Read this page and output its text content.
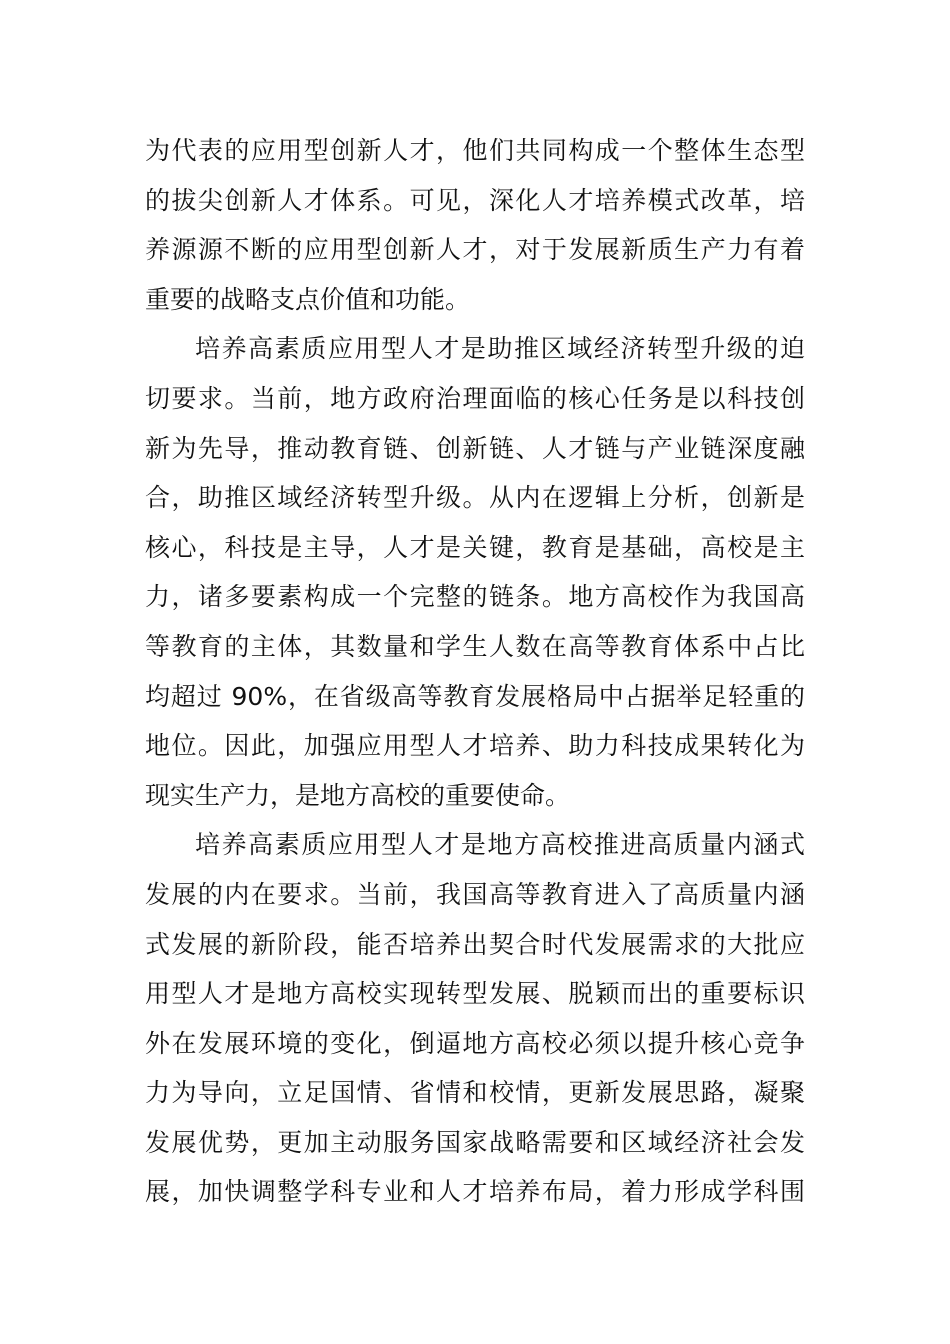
为代表的应用型创新人才，他们共同构成一个整体生态型
的拔尖创新人才体系。可见，深化人才培养模式改革，培
养源源不断的应用型创新人才，对于发展新质生产力有着
重要的战略支点价值和功能。
培养高素质应用型人才是助推区域经济转型升级的迫
切要求。当前，地方政府治理面临的核心任务是以科技创
新为先导，推动教育链、创新链、人才链与产业链深度融
合，助推区域经济转型升级。从内在逻辑上分析，创新是
核心，科技是主导，人才是关键，教育是基础，高校是主
力，诸多要素构成一个完整的链条。地方高校作为我国高
等教育的主体，其数量和学生人数在高等教育体系中占比
均超过 90%，在省级高等教育发展格局中占据举足轻重的
地位。因此，加强应用型人才培养、助力科技成果转化为
现实生产力，是地方高校的重要使命。
培养高素质应用型人才是地方高校推进高质量内涵式
发展的内在要求。当前，我国高等教育进入了高质量内涵
式发展的新阶段，能否培养出契合时代发展需求的大批应
用型人才是地方高校实现转型发展、脱颖而出的重要标识
外在发展环境的变化，倒逼地方高校必须以提升核心竞争
力为导向，立足国情、省情和校情，更新发展思路，凝聚
发展优势，更加主动服务国家战略需要和区域经济社会发
展，加快调整学科专业和人才培养布局，着力形成学科围
